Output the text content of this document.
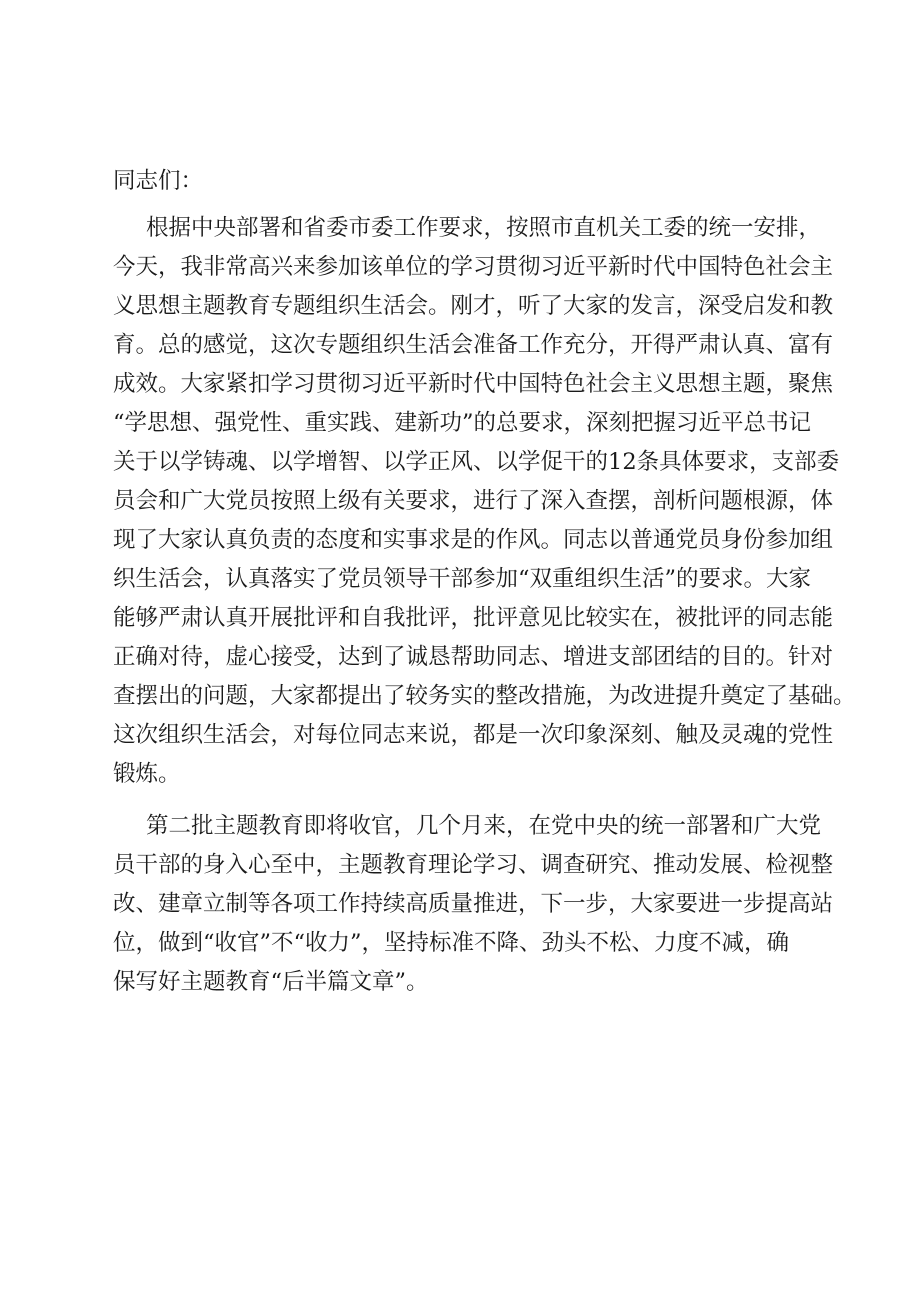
同志们：
根据中央部署和省委市委工作要求，按照市直机关工委的统一安排，
今天，我非常高兴来参加该单位的学习贯彻习近平新时代中国特色社会主
义思想主题教育专题组织生活会。刚才，听了大家的发言，深受启发和教
育。总的感觉，这次专题组织生活会准备工作充分，开得严肃认真、富有
成效。大家紧扣学习贯彻习近平新时代中国特色社会主义思想主题，聚焦
“学思想、强党性、重实践、建新功”的总要求，深刻把握习近平总书记
关于以学铸魂、以学增智、以学正风、以学促干的12条具体要求，支部委
员会和广大党员按照上级有关要求，进行了深入查摆，剖析问题根源，体
现了大家认真负责的态度和实事求是的作风。同志以普通党员身份参加组
织生活会，认真落实了党员领导干部参加“双重组织生活”的要求。大家
能够严肃认真开展批评和自我批评，批评意见比较实在，被批评的同志能
正确对待，虚心接受，达到了诚恳帮助同志、增进支部团结的目的。针对
查摆出的问题，大家都提出了较务实的整改措施，为改进提升奠定了基础。
这次组织生活会，对每位同志来说，都是一次印象深刻、触及灵魂的党性
锻炼。
第二批主题教育即将收官，几个月来，在党中央的统一部署和广大党
员干部的身入心至中，主题教育理论学习、调查研究、推动发展、检视整
改、建章立制等各项工作持续高质量推进，下一步，大家要进一步提高站
位，做到“收官”不“收力”，坚持标准不降、劲头不松、力度不减，确
保写好主题教育“后半篇文章”。
